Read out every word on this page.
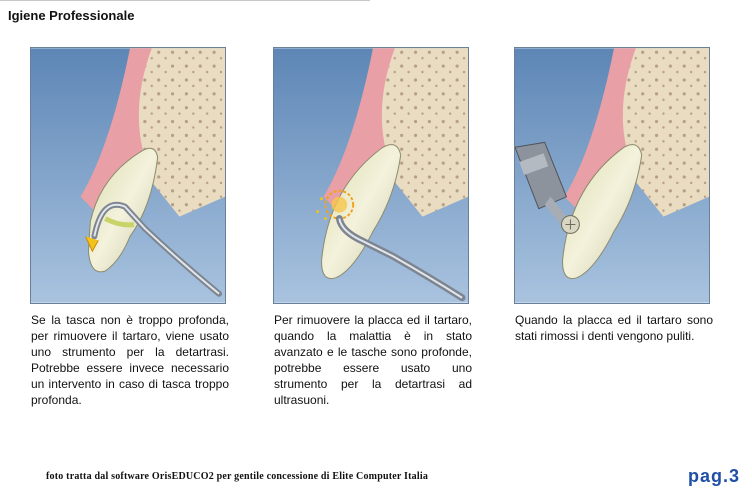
Igiene Professionale
Se la tasca non è troppo profonda, per rimuovere il tartaro, viene usato uno strumento per la detartrasi. Potrebbe essere invece necessario un intervento in caso di tasca troppo profonda.
Per rimuovere la placca ed il tartaro, quando la malattia è in stato avanzato e le tasche sono profonde, potrebbe essere usato uno strumento per la detartrasi ad ultrasuoni.
Quando la placca ed il tartaro sono stati rimossi i denti vengono puliti.
foto tratta dal software OrisEDUCO2 per gentile concessione di Elite Computer Italia	pag.3
